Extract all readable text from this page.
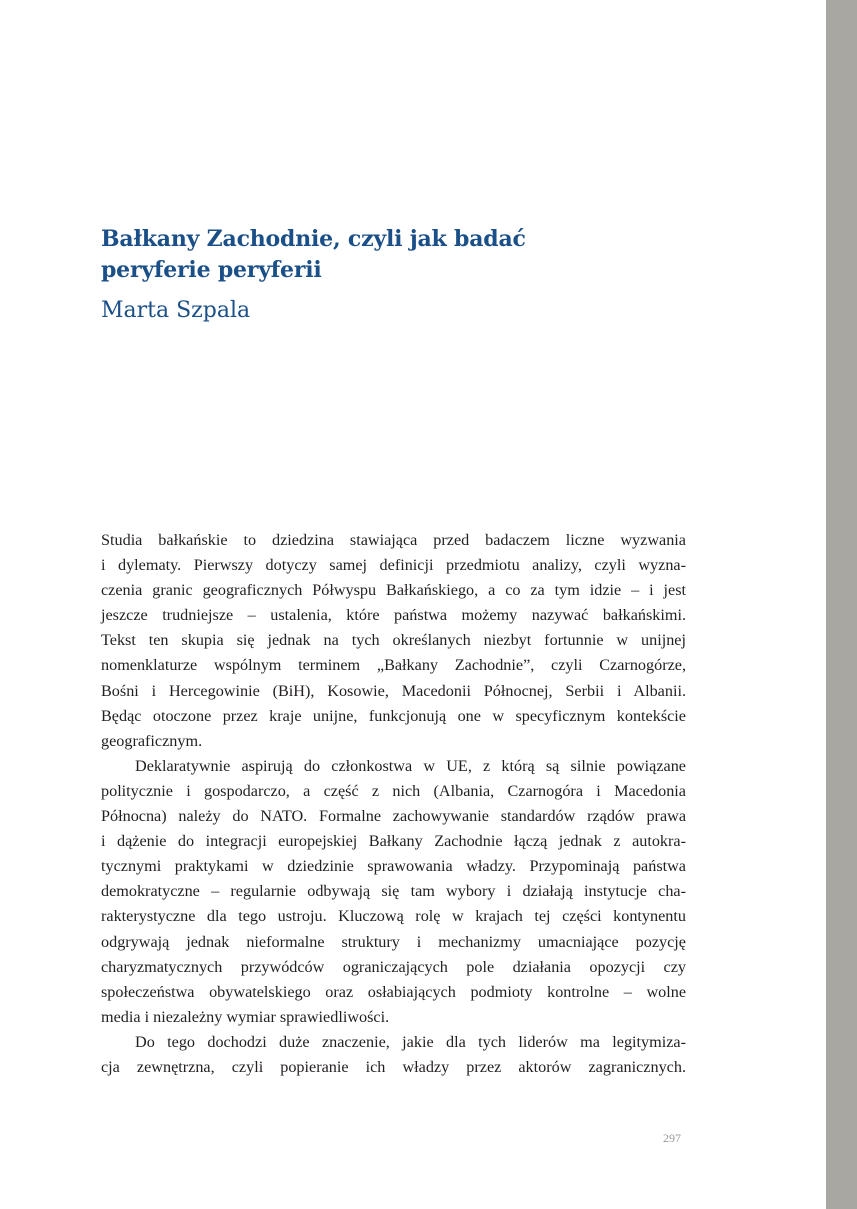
Bałkany Zachodnie, czyli jak badać
peryferie peryferii

Marta Szpala

Studia bałkańskie to dziedzina stawiająca przed badaczem liczne wyzwania
i dylematy. Pierwszy dotyczy samej definicji przedmiotu analizy, czyli wyzna-
czenia granic geograficznych Półwyspu Bałkańskiego, a co za tym idzie – i jest
jeszcze trudniejsze – ustalenia, które państwa możemy nazywać bałkańskimi.
Tekst ten skupia się jednak na tych określanych niezbyt fortunnie w unijnej
nomenklaturze wspólnym terminem „Bałkany Zachodnie”, czyli Czarnogórze,
Bośni i Hercegowinie (BiH), Kosowie, Macedonii Północnej, Serbii i Albanii.
Będąc otoczone przez kraje unijne, funkcjonują one w specyficznym kontekście
geograficznym.
Deklaratywnie aspirują do członkostwa w UE, z którą są silnie powiązane
politycznie i gospodarczo, a część z nich (Albania, Czarnogóra i Macedonia
Północna) należy do NATO. Formalne zachowywanie standardów rządów prawa
i dążenie do integracji europejskiej Bałkany Zachodnie łączą jednak z autokra-
tycznymi praktykami w dziedzinie sprawowania władzy. Przypominają państwa
demokratyczne – regularnie odbywają się tam wybory i działają instytucje cha-
rakterystyczne dla tego ustroju. Kluczową rolę w krajach tej części kontynentu
odgrywają jednak nieformalne struktury i mechanizmy umacniające pozycję
charyzmatycznych przywódców ograniczających pole działania opozycji czy
społeczeństwa obywatelskiego oraz osłabiających podmioty kontrolne – wolne
media i niezależny wymiar sprawiedliwości.
Do tego dochodzi duże znaczenie, jakie dla tych liderów ma legitymiza-
cja zewnętrzna, czyli popieranie ich władzy przez aktorów zagranicznych.
297
